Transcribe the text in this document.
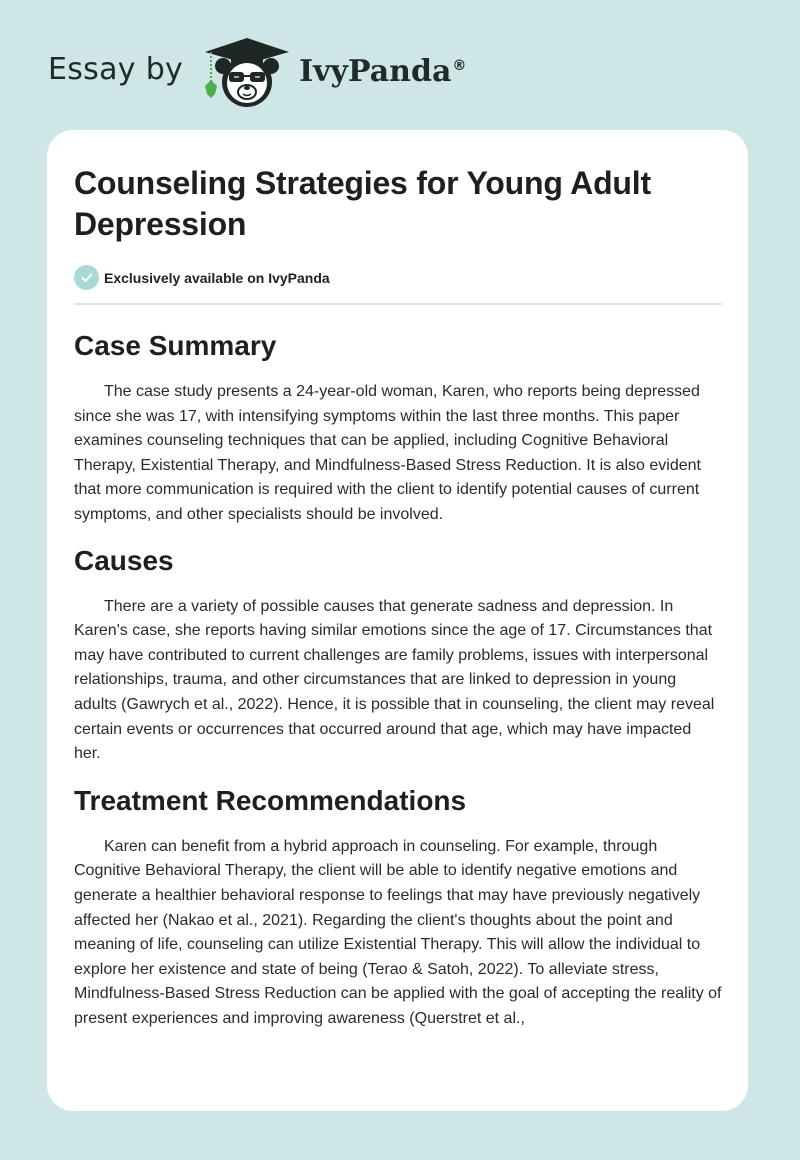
Essay by	IvyPanda®
Counseling Strategies for Young Adult Depression
Exclusively available on IvyPanda
Case Summary

The case study presents a 24-year-old woman, Karen, who reports being depressed since she was 17, with intensifying symptoms within the last three months. This paper examines counseling techniques that can be applied, including Cognitive Behavioral Therapy, Existential Therapy, and Mindfulness-Based Stress Reduction. It is also evident that more communication is required with the client to identify potential causes of current symptoms, and other specialists should be involved.

Causes

There are a variety of possible causes that generate sadness and depression. In Karen's case, she reports having similar emotions since the age of 17. Circumstances that may have contributed to current challenges are family problems, issues with interpersonal relationships, trauma, and other circumstances that are linked to depression in young adults (Gawrych et al., 2022). Hence, it is possible that in counseling, the client may reveal certain events or occurrences that occurred around that age, which may have impacted her.

Treatment Recommendations

Karen can benefit from a hybrid approach in counseling. For example, through Cognitive Behavioral Therapy, the client will be able to identify negative emotions and generate a healthier behavioral response to feelings that may have previously negatively affected her (Nakao et al., 2021). Regarding the client's thoughts about the point and meaning of life, counseling can utilize Existential Therapy. This will allow the individual to explore her existence and state of being (Terao & Satoh, 2022). To alleviate stress, Mindfulness-Based Stress Reduction can be applied with the goal of accepting the reality of present experiences and improving awareness (Querstret et al.,
